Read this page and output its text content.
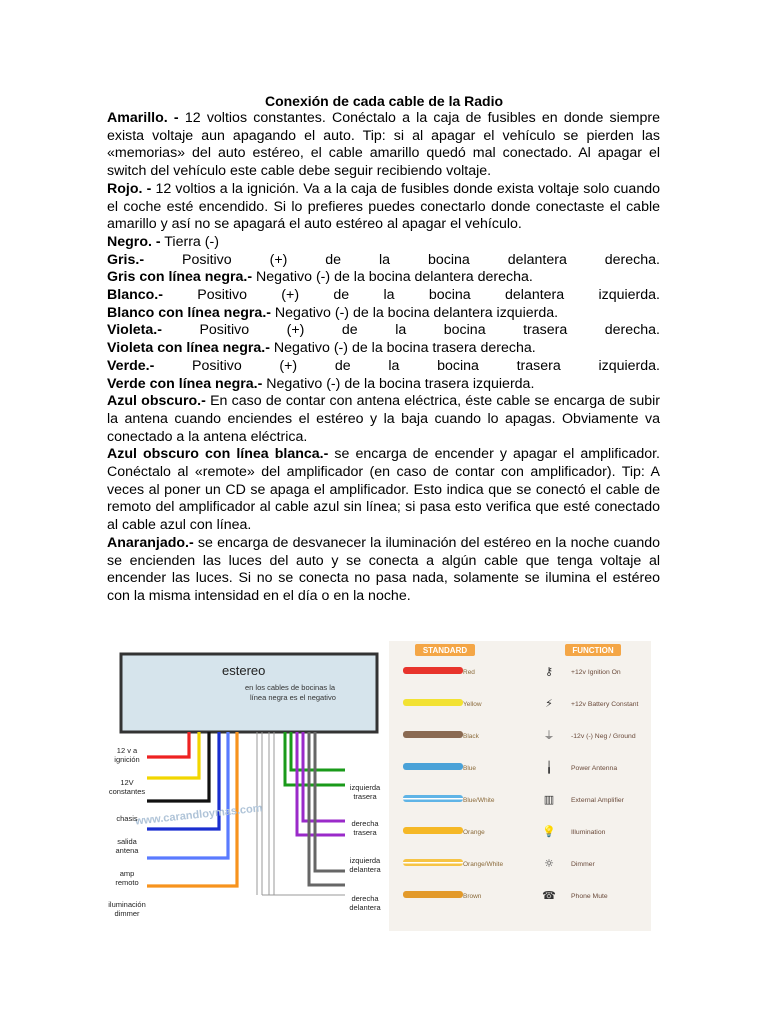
Conexión de cada cable de la Radio

Amarillo. - 12 voltios constantes. Conéctalo a la caja de fusibles en donde siempre exista voltaje aun apagando el auto. Tip: si al apagar el vehículo se pierden las «memorias» del auto estéreo, el cable amarillo quedó mal conectado. Al apagar el switch del vehículo este cable debe seguir recibiendo voltaje.

Rojo. - 12 voltios a la ignición. Va a la caja de fusibles donde exista voltaje solo cuando el coche esté encendido. Si lo prefieres puedes conectarlo donde conectaste el cable amarillo y así no se apagará el auto estéreo al apagar el vehículo.

Negro. - Tierra (-)

Gris.- Positivo (+) de la bocina delantera derecha.

Gris con línea negra.- Negativo (-) de la bocina delantera derecha.

Blanco.- Positivo (+) de la bocina delantera izquierda.

Blanco con línea negra.- Negativo (-) de la bocina delantera izquierda.

Violeta.- Positivo (+) de la bocina trasera derecha.

Violeta con línea negra.- Negativo (-) de la bocina trasera derecha.

Verde.- Positivo (+) de la bocina trasera izquierda.

Verde con línea negra.- Negativo (-) de la bocina trasera izquierda.

Azul obscuro.- En caso de contar con antena eléctrica, éste cable se encarga de subir la antena cuando enciendes el estéreo y la baja cuando lo apagas. Obviamente va conectado a la antena eléctrica.

Azul obscuro con línea blanca.- se encarga de encender y apagar el amplificador. Conéctalo al «remote» del amplificador (en caso de contar con amplificador). Tip: A veces al poner un CD se apaga el amplificador. Esto indica que se conectó el cable de remoto del amplificador al cable azul sin línea; si pasa esto verifica que esté conectado al cable azul con línea.

Anaranjado.- se encarga de desvanecer la iluminación del estéreo en la noche cuando se encienden las luces del auto y se conecta a algún cable que tenga voltaje al encender las luces. Si no se conecta no pasa nada, solamente se ilumina el estéreo con la misma intensidad en el día o en la noche.

estereo
en los cables de bocinas la
línea negra es el negativo
www.carandloymas.com
12 v a
ignición
12V
constantes
chasis
salida
antena
amp
remoto
iluminación
dimmer
izquierda
trasera
derecha
trasera
izquierda
delantera
derecha
delantera
STANDARD	FUNCTION
Red	⚷	+12v Ignition On
Yellow	⚡	+12v Battery Constant
Black	⏚ -12v (-) Neg / Ground
Blue	╽	Power Antenna
Blue/White	▥ External Amplifier
Orange	💡 Illumination
Orange/White	☼	Dimmer
Brown	☎ Phone Mute
